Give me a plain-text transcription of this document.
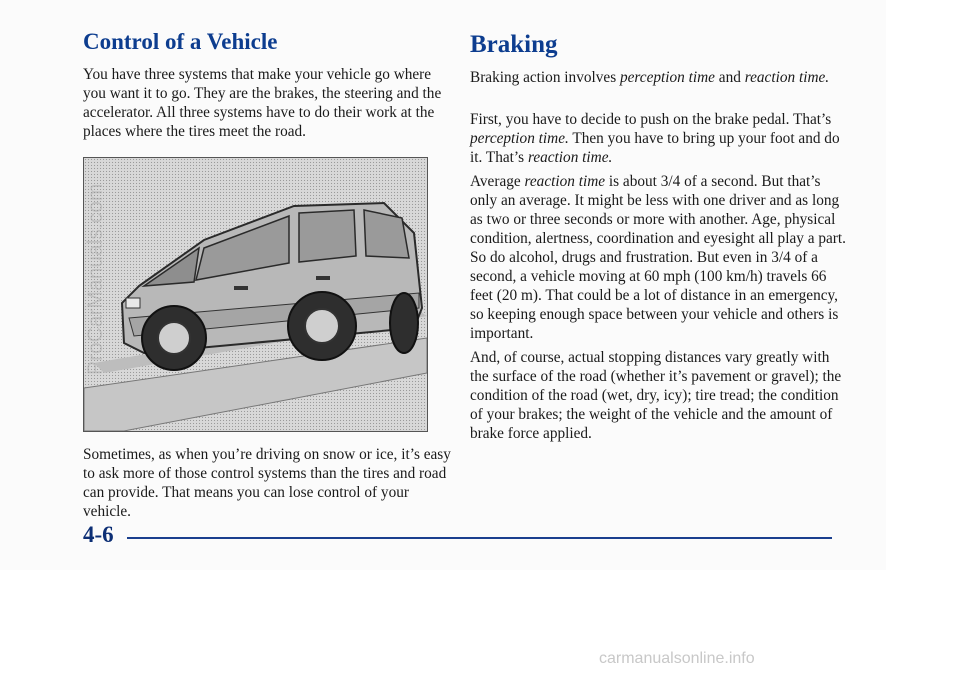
Control of a Vehicle

You have three systems that make your vehicle go where you want it to go. They are the brakes, the steering and the accelerator. All three systems have to do their work at the places where the tires meet the road.

Sometimes, as when you’re driving on snow or ice, it’s easy to ask more of those control systems than the tires and road can provide. That means you can lose control of your vehicle.

ProCarManuals.com
Braking

Braking action involves perception time and reaction time.

First, you have to decide to push on the brake pedal. That’s perception time. Then you have to bring up your foot and do it. That’s reaction time.

Average reaction time is about 3/4 of a second. But that’s only an average. It might be less with one driver and as long as two or three seconds or more with another. Age, physical condition, alertness, coordination and eyesight all play a part. So do alcohol, drugs and frustration. But even in 3/4 of a second, a vehicle moving at 60 mph (100 km/h) travels 66 feet (20 m). That could be a lot of distance in an emergency, so keeping enough space between your vehicle and others is important.

And, of course, actual stopping distances vary greatly with the surface of the road (whether it’s pavement or gravel); the condition of the road (wet, dry, icy); tire tread; the condition of your brakes; the weight of the vehicle and the amount of brake force applied.

4-6
carmanualsonline.info
